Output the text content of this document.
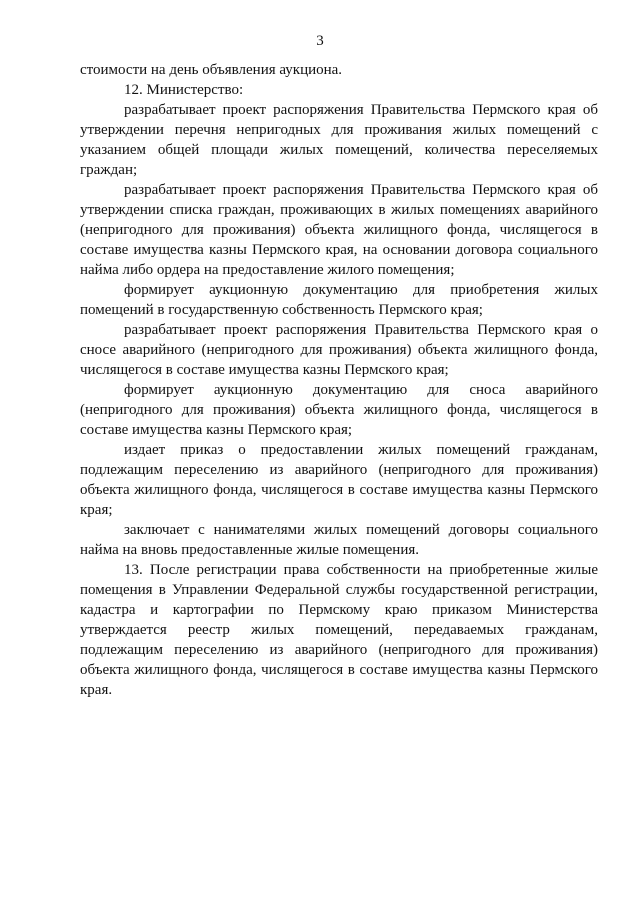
3

стоимости на день объявления аукциона.

12. Министерство:

разрабатывает проект распоряжения Правительства Пермского края об утверждении перечня непригодных для проживания жилых помещений с указанием общей площади жилых помещений, количества переселяемых граждан;

разрабатывает проект распоряжения Правительства Пермского края об утверждении списка граждан, проживающих в жилых помещениях аварийного (непригодного для проживания) объекта жилищного фонда, числящегося в составе имущества казны Пермского края, на основании договора социального найма либо ордера на предоставление жилого помещения;

формирует аукционную документацию для приобретения жилых помещений в государственную собственность Пермского края;

разрабатывает проект распоряжения Правительства Пермского края о сносе аварийного (непригодного для проживания) объекта жилищного фонда, числящегося в составе имущества казны Пермского края;

формирует аукционную документацию для сноса аварийного (непригодного для проживания) объекта жилищного фонда, числящегося в составе имущества казны Пермского края;

издает приказ о предоставлении жилых помещений гражданам, подлежащим переселению из аварийного (непригодного для проживания) объекта жилищного фонда, числящегося в составе имущества казны Пермского края;

заключает с нанимателями жилых помещений договоры социального найма на вновь предоставленные жилые помещения.

13. После регистрации права собственности на приобретенные жилые помещения в Управлении Федеральной службы государственной регистрации, кадастра и картографии по Пермскому краю приказом Министерства утверждается реестр жилых помещений, передаваемых гражданам, подлежащим переселению из аварийного (непригодного для проживания) объекта жилищного фонда, числящегося в составе имущества казны Пермского края.
